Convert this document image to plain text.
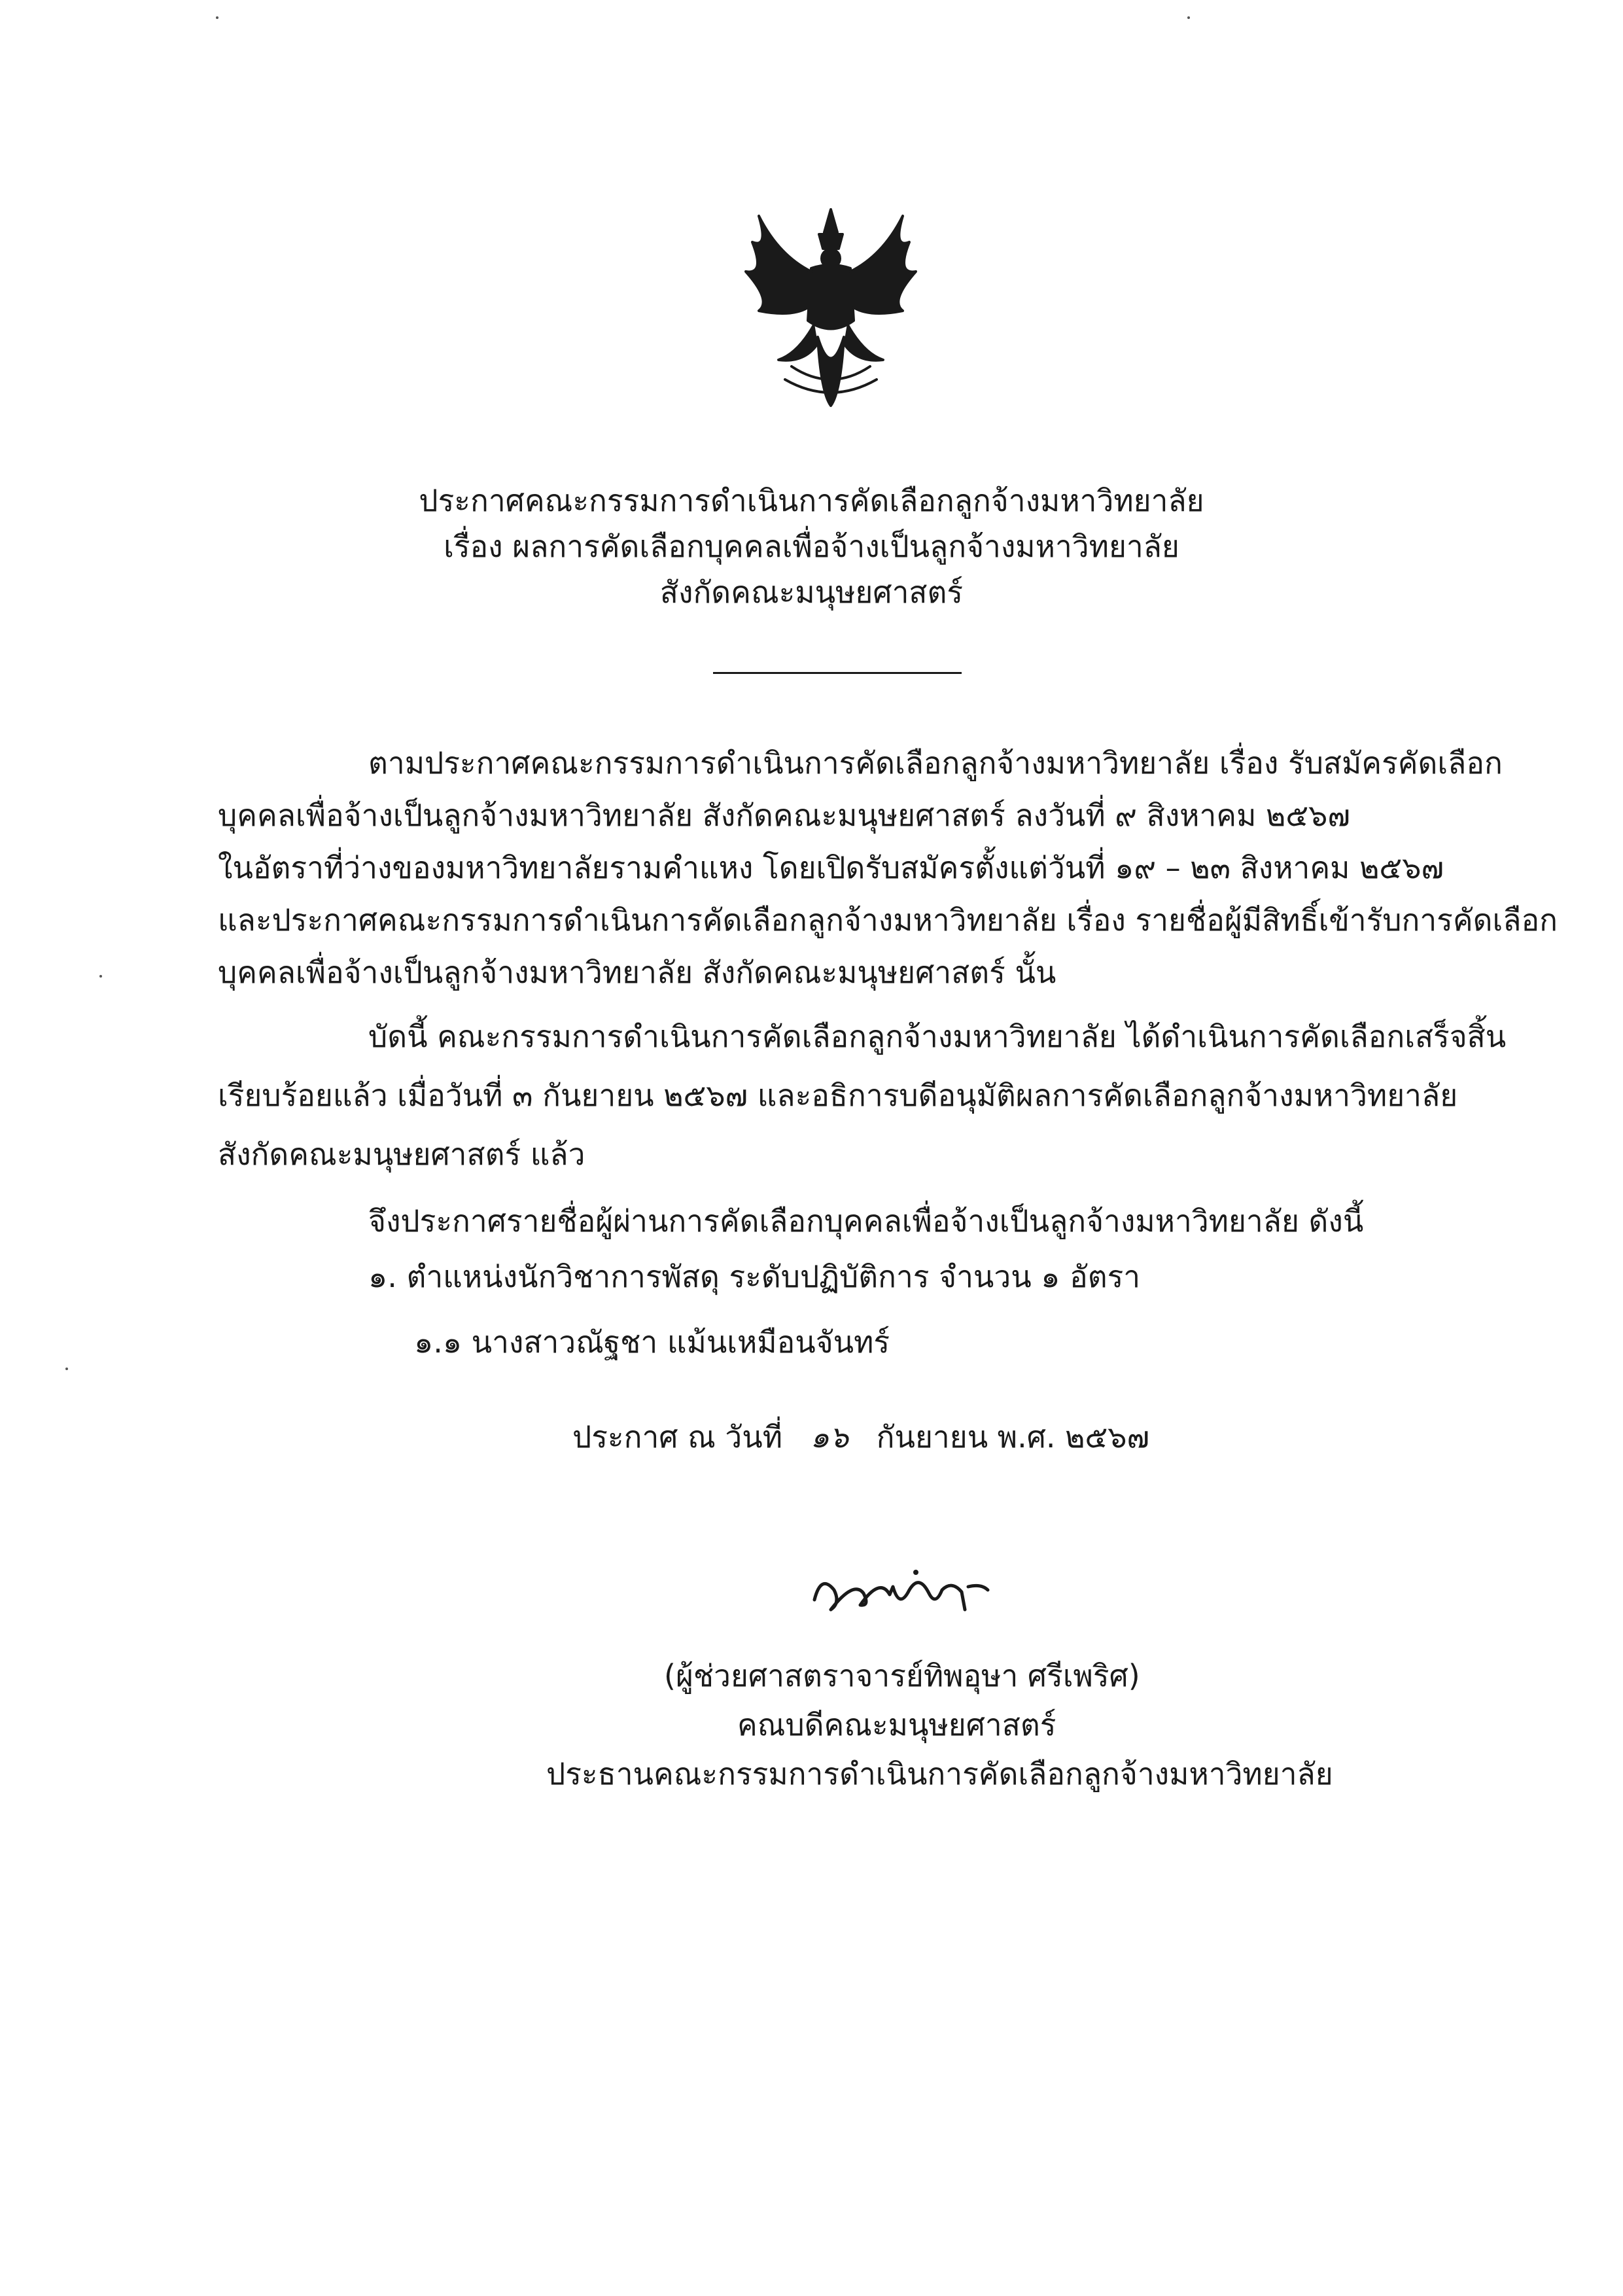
ประกาศคณะกรรมการดำเนินการคัดเลือกลูกจ้างมหาวิทยาลัย
เรื่อง ผลการคัดเลือกบุคคลเพื่อจ้างเป็นลูกจ้างมหาวิทยาลัย
สังกัดคณะมนุษยศาสตร์
ตามประกาศคณะกรรมการดำเนินการคัดเลือกลูกจ้างมหาวิทยาลัย เรื่อง รับสมัครคัดเลือก
บุคคลเพื่อจ้างเป็นลูกจ้างมหาวิทยาลัย สังกัดคณะมนุษยศาสตร์ ลงวันที่ ๙ สิงหาคม ๒๕๖๗
ในอัตราที่ว่างของมหาวิทยาลัยรามคำแหง โดยเปิดรับสมัครตั้งแต่วันที่ ๑๙ – ๒๓ สิงหาคม ๒๕๖๗
และประกาศคณะกรรมการดำเนินการคัดเลือกลูกจ้างมหาวิทยาลัย เรื่อง รายชื่อผู้มีสิทธิ์เข้ารับการคัดเลือก
บุคคลเพื่อจ้างเป็นลูกจ้างมหาวิทยาลัย สังกัดคณะมนุษยศาสตร์ นั้น
บัดนี้ คณะกรรมการดำเนินการคัดเลือกลูกจ้างมหาวิทยาลัย ได้ดำเนินการคัดเลือกเสร็จสิ้น
เรียบร้อยแล้ว เมื่อวันที่ ๓ กันยายน ๒๕๖๗ และอธิการบดีอนุมัติผลการคัดเลือกลูกจ้างมหาวิทยาลัย
สังกัดคณะมนุษยศาสตร์ แล้ว
จึงประกาศรายชื่อผู้ผ่านการคัดเลือกบุคคลเพื่อจ้างเป็นลูกจ้างมหาวิทยาลัย ดังนี้
๑. ตำแหน่งนักวิชาการพัสดุ ระดับปฏิบัติการ จำนวน ๑ อัตรา
๑.๑ นางสาวณัฐชา แม้นเหมือนจันทร์
ประกาศ ณ วันที่ ๑๖ กันยายน พ.ศ. ๒๕๖๗
(ผู้ช่วยศาสตราจารย์ทิพอุษา ศรีเพริศ)
คณบดีคณะมนุษยศาสตร์
ประธานคณะกรรมการดำเนินการคัดเลือกลูกจ้างมหาวิทยาลัย
